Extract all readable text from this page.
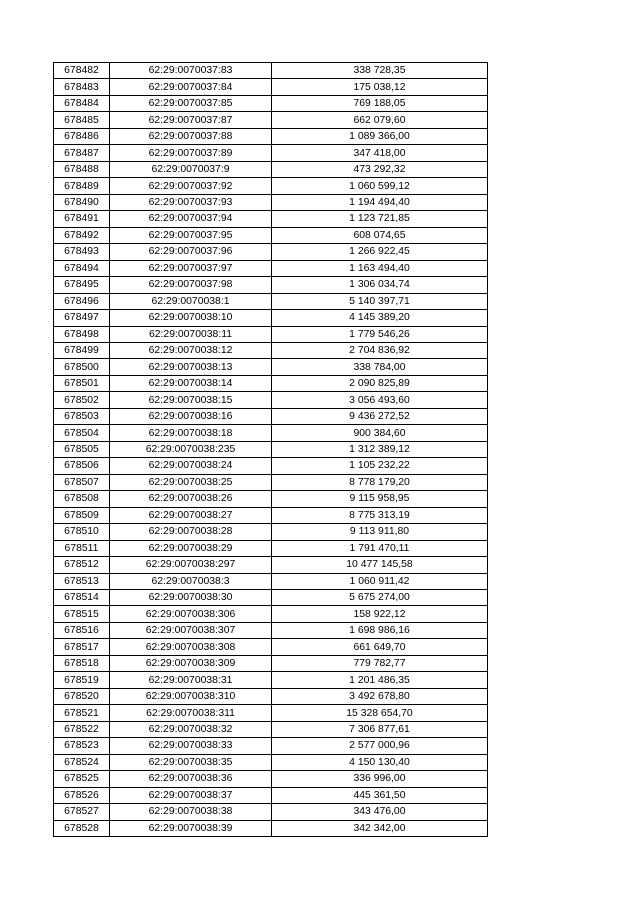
678482	62:29:0070037:83	338 728,35
678483	62:29:0070037:84	175 038,12
678484	62:29:0070037:85	769 188,05
678485	62:29:0070037:87	662 079,60
678486	62:29:0070037:88	1 089 366,00
678487	62:29:0070037:89	347 418,00
678488	62:29:0070037:9	473 292,32
678489	62:29:0070037:92	1 060 599,12
678490	62:29:0070037:93	1 194 494,40
678491	62:29:0070037:94	1 123 721,85
678492	62:29:0070037:95	608 074,65
678493	62:29:0070037:96	1 266 922,45
678494	62:29:0070037:97	1 163 494,40
678495	62:29:0070037:98	1 306 034,74
678496	62:29:0070038:1	5 140 397,71
678497	62:29:0070038:10	4 145 389,20
678498	62:29:0070038:11	1 779 546,26
678499	62:29:0070038:12	2 704 836,92
678500	62:29:0070038:13	338 784,00
678501	62:29:0070038:14	2 090 825,89
678502	62:29:0070038:15	3 056 493,60
678503	62:29:0070038:16	9 436 272,52
678504	62:29:0070038:18	900 384,60
678505	62:29:0070038:235	1 312 389,12
678506	62:29:0070038:24	1 105 232,22
678507	62:29:0070038:25	8 778 179,20
678508	62:29:0070038:26	9 115 958,95
678509	62:29:0070038:27	8 775 313,19
678510	62:29:0070038:28	9 113 911,80
678511	62:29:0070038:29	1 791 470,11
678512	62:29:0070038:297	10 477 145,58
678513	62:29:0070038:3	1 060 911,42
678514	62:29:0070038:30	5 675 274,00
678515	62:29:0070038:306	158 922,12
678516	62:29:0070038:307	1 698 986,16
678517	62:29:0070038:308	661 649,70
678518	62:29:0070038:309	779 782,77
678519	62:29:0070038:31	1 201 486,35
678520	62:29:0070038:310	3 492 678,80
678521	62:29:0070038:311	15 328 654,70
678522	62:29:0070038:32	7 306 877,61
678523	62:29:0070038:33	2 577 000,96
678524	62:29:0070038:35	4 150 130,40
678525	62:29:0070038:36	336 996,00
678526	62:29:0070038:37	445 361,50
678527	62:29:0070038:38	343 476,00
678528	62:29:0070038:39	342 342,00
